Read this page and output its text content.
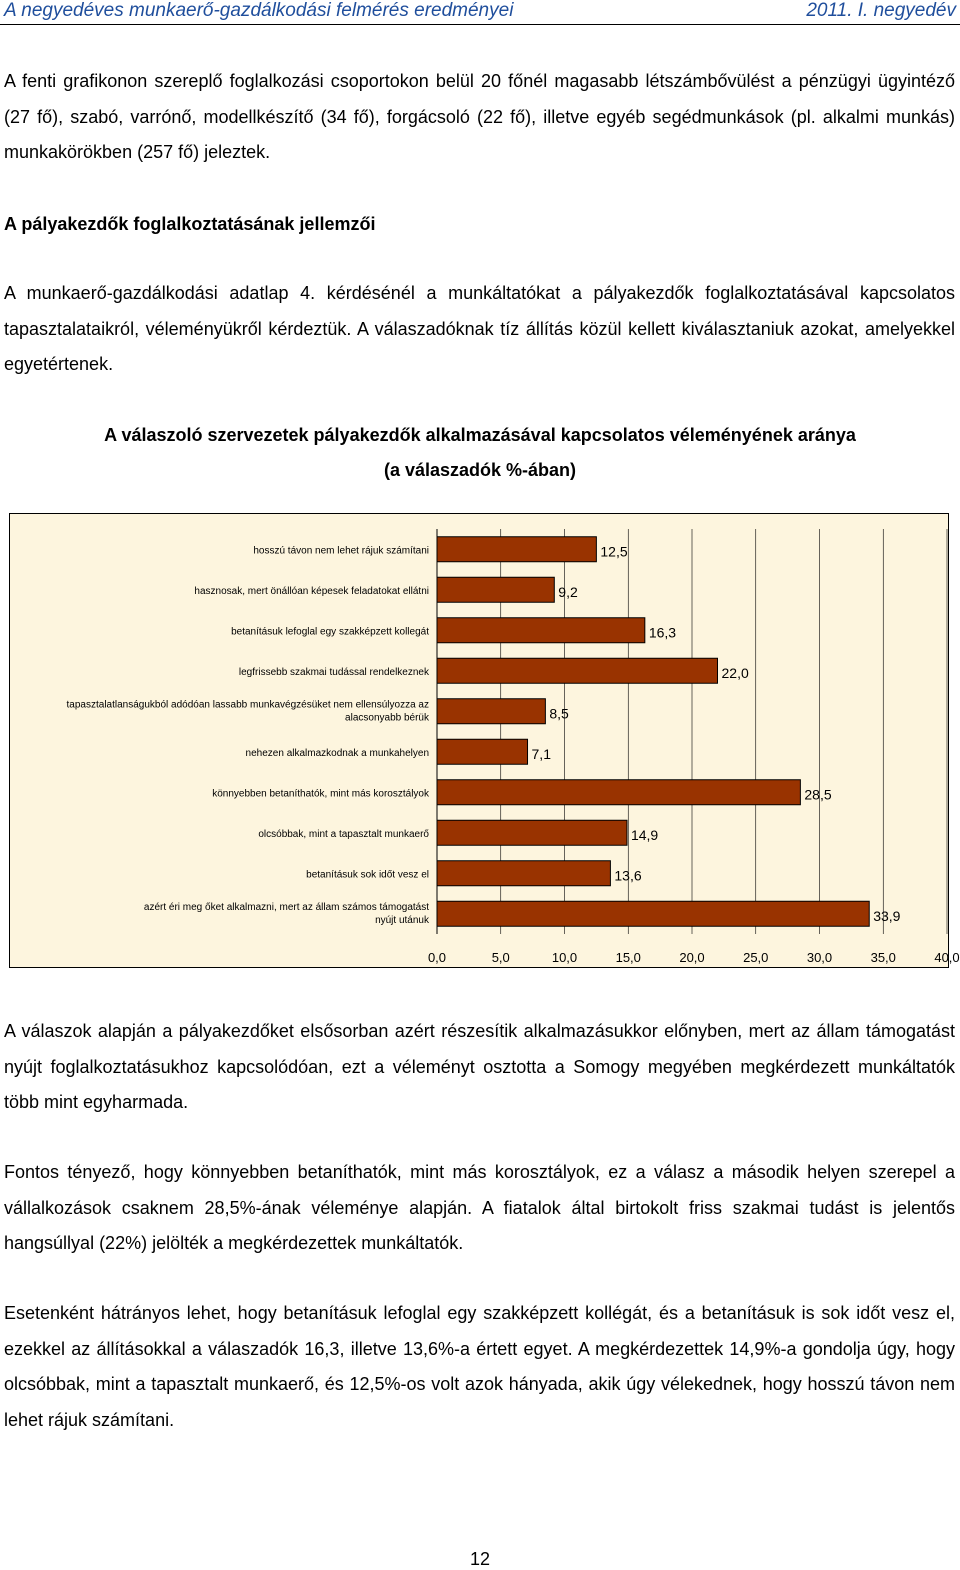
A negyedéves munkaerő-gazdálkodási felmérés eredményei	2011. I. negyedév

A fenti grafikonon szereplő foglalkozási csoportokon belül 20 főnél magasabb létszámbővülést a pénzügyi ügyintéző (27 fő), szabó, varrónő, modellkészítő (34 fő), forgácsoló (22 fő), illetve egyéb segédmunkások (pl. alkalmi munkás) munkakörökben (257 fő) jeleztek.

A pályakezdők foglalkoztatásának jellemzői

A munkaerő-gazdálkodási adatlap 4. kérdésénél a munkáltatókat a pályakezdők foglalkoztatásával kapcsolatos tapasztalataikról, véleményükről kérdeztük. A válaszadóknak tíz állítás közül kellett kiválasztaniuk azokat, amelyekkel egyetértenek.

A válaszoló szervezetek pályakezdők alkalmazásával kapcsolatos véleményének aránya
(a válaszadók %-ában)
0,0	5,0	10,0	15,0	20,0	25,0	30,0	35,0	40,0
hosszú távon nem lehet rájuk számítani	12,5
hasznosak, mert önállóan képesek feladatokat ellátni	9,2
betanításuk lefoglal egy szakképzett kollegát	16,3
legfrissebb szakmai tudással rendelkeznek	22,0
tapasztalatlanságukból adódóan lassabb munkavégzésüket nem ellensúlyozza az alacsonyabb bérük	8,5
nehezen alkalmazkodnak a munkahelyen	7,1
könnyebben betaníthatók, mint más korosztályok	28,5
olcsóbbak, mint a tapasztalt munkaerő	14,9
betanításuk sok időt vesz el	13,6
azért éri meg őket alkalmazni, mert az állam számos támogatást nyújt utánuk	33,9

A válaszok alapján a pályakezdőket elsősorban azért részesítik alkalmazásukkor előnyben, mert az állam támogatást nyújt foglalkoztatásukhoz kapcsolódóan, ezt a véleményt osztotta a Somogy megyében megkérdezett munkáltatók több mint egyharmada.

Fontos tényező, hogy könnyebben betaníthatók, mint más korosztályok, ez a válasz a második helyen szerepel a vállalkozások csaknem 28,5%-ának véleménye alapján. A fiatalok által birtokolt friss szakmai tudást is jelentős hangsúllyal (22%) jelölték a megkérdezettek munkáltatók.

Esetenként hátrányos lehet, hogy betanításuk lefoglal egy szakképzett kollégát, és a betanításuk is sok időt vesz el, ezekkel az állításokkal a válaszadók 16,3, illetve 13,6%-a értett egyet. A megkérdezettek 14,9%-a gondolja úgy, hogy olcsóbbak, mint a tapasztalt munkaerő, és 12,5%-os volt azok hányada, akik úgy vélekednek, hogy hosszú távon nem lehet rájuk számítani.

12
